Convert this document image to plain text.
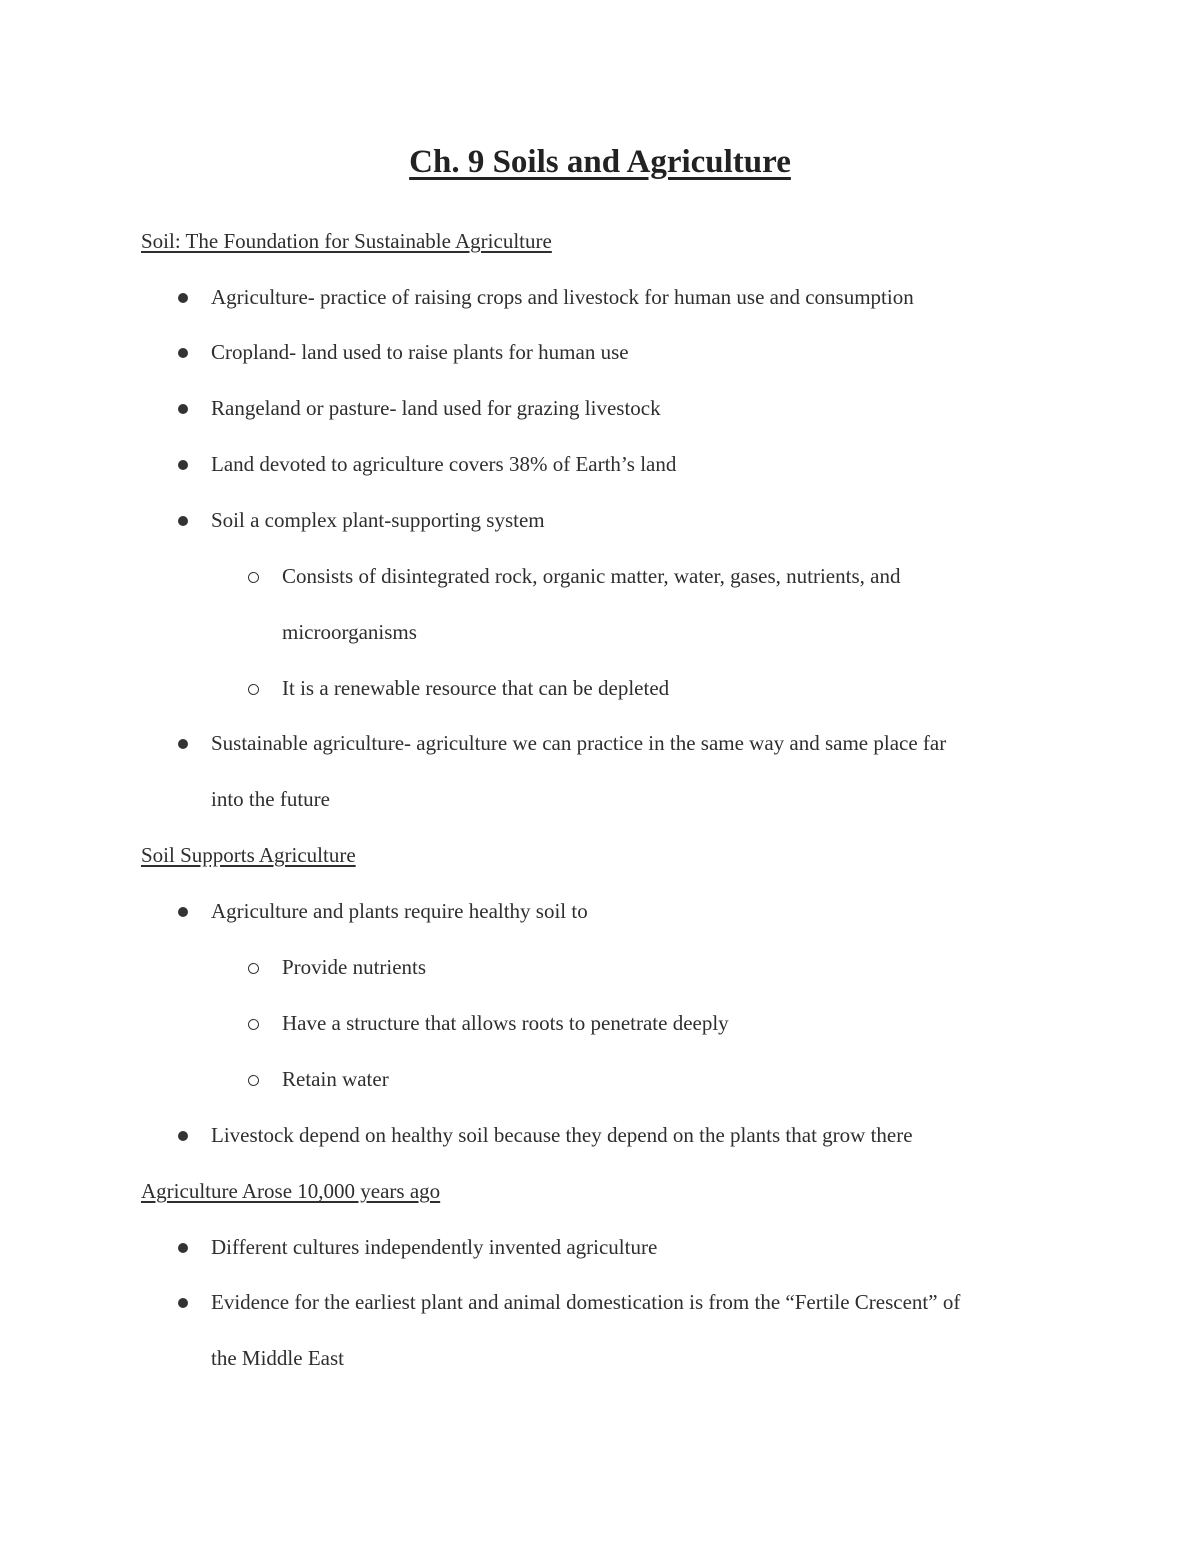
Ch. 9 Soils and Agriculture
Soil: The Foundation for Sustainable Agriculture
Agriculture- practice of raising crops and livestock for human use and consumption
Cropland- land used to raise plants for human use
Rangeland or pasture- land used for grazing livestock
Land devoted to agriculture covers 38% of Earth’s land
Soil a complex plant-supporting system
Consists of disintegrated rock, organic matter, water, gases, nutrients, and
microorganisms
It is a renewable resource that can be depleted
Sustainable agriculture- agriculture we can practice in the same way and same place far
into the future
Soil Supports Agriculture
Agriculture and plants require healthy soil to
Provide nutrients
Have a structure that allows roots to penetrate deeply
Retain water
Livestock depend on healthy soil because they depend on the plants that grow there
Agriculture Arose 10,000 years ago
Different cultures independently invented agriculture
Evidence for the earliest plant and animal domestication is from the “Fertile Crescent” of
the Middle East
